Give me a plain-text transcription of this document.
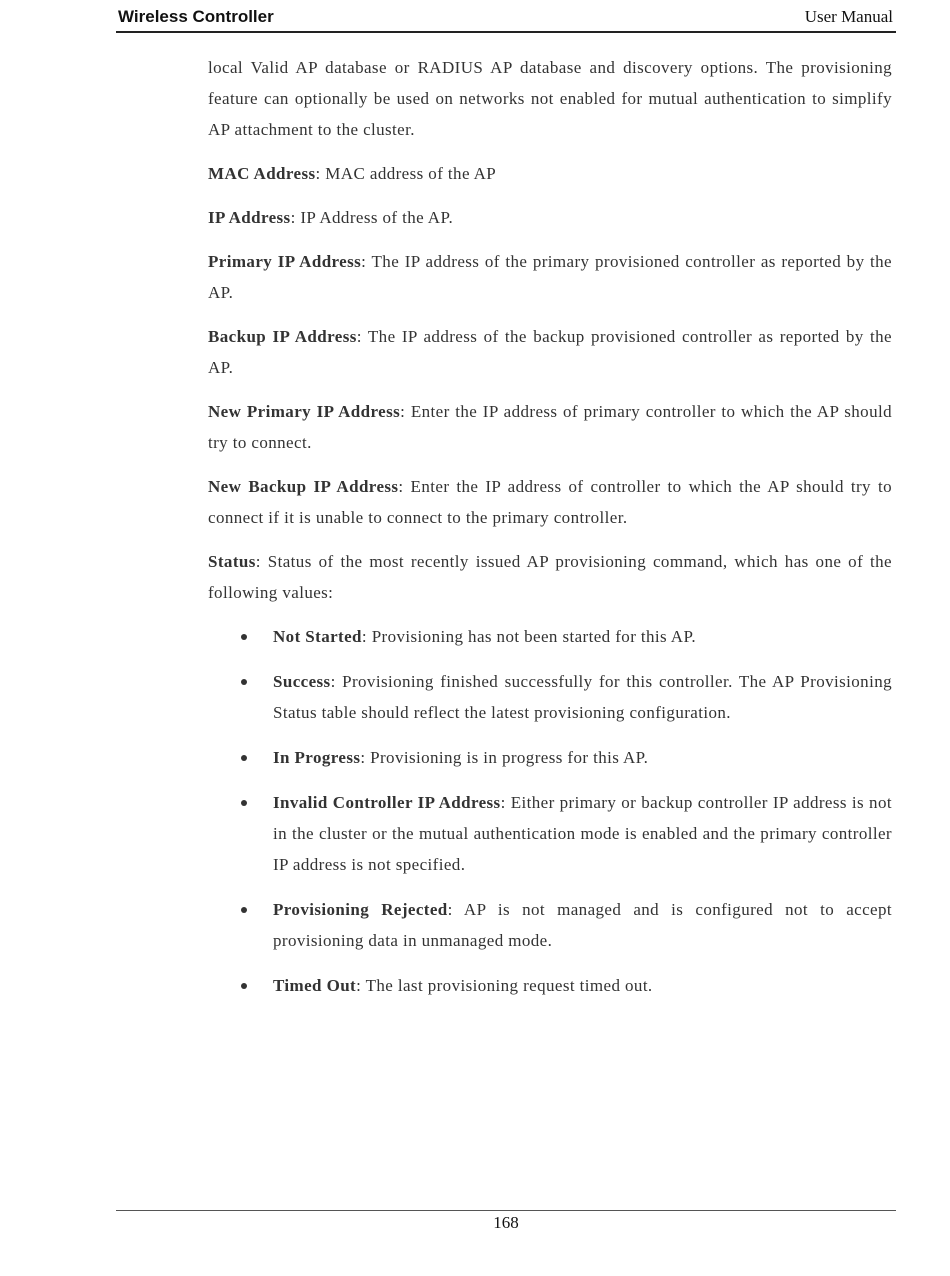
Wireless Controller	User Manual

local Valid AP database or RADIUS AP database and discovery options. The provisioning feature can optionally be used on networks not enabled for mutual authentication to simplify AP attachment to the cluster.

MAC Address: MAC address of the AP

IP Address: IP Address of the AP.

Primary IP Address: The IP address of the primary provisioned controller as reported by the AP.

Backup IP Address: The IP address of the backup provisioned controller as reported by the AP.

New Primary IP Address: Enter the IP address of primary controller to which the AP should try to connect.

New Backup IP Address: Enter the IP address of controller to which the AP should try to connect if it is unable to connect to the primary controller.

Status: Status of the most recently issued AP provisioning command, which has one of the following values:

Not Started: Provisioning has not been started for this AP.
Success: Provisioning finished successfully for this controller. The AP Provisioning Status table should reflect the latest provisioning configuration.
In Progress: Provisioning is in progress for this AP.
Invalid Controller IP Address: Either primary or backup controller IP address is not in the cluster or the mutual authentication mode is enabled and the primary controller IP address is not specified.
Provisioning Rejected: AP is not managed and is configured not to accept provisioning data in unmanaged mode.
Timed Out: The last provisioning request timed out.
168
